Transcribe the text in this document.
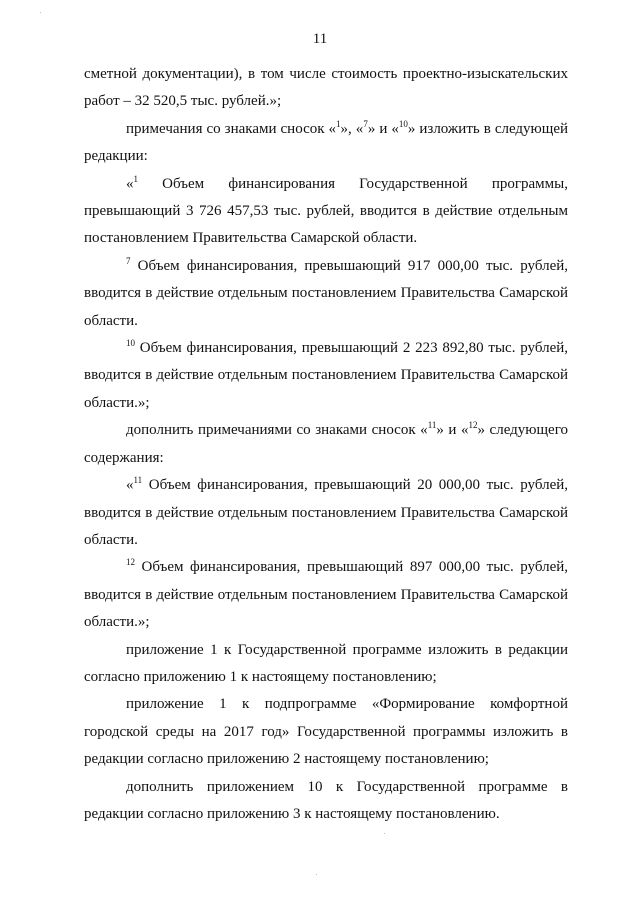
11

сметной документации), в том числе стоимость проектно-изыскательских работ – 32 520,5 тыс. рублей.»;

примечания со знаками сносок «$^1$», «$^7$» и «$^{10}$» изложить в следующей редакции:

«$^1$ Объем финансирования Государственной программы, превышающий 3 726 457,53 тыс. рублей, вводится в действие отдельным постановлением Правительства Самарской области.

$^7$ Объем финансирования, превышающий 917 000,00 тыс. рублей, вводится в действие отдельным постановлением Правительства Самарской области.

$^{10}$ Объем финансирования, превышающий 2 223 892,80 тыс. рублей, вводится в действие отдельным постановлением Правительства Самарской области.»;

дополнить примечаниями со знаками сносок «$^{11}$» и «$^{12}$» следующего содержания:

«$^{11}$ Объем финансирования, превышающий 20 000,00 тыс. рублей, вводится в действие отдельным постановлением Правительства Самарской области.

$^{12}$ Объем финансирования, превышающий 897 000,00 тыс. рублей, вводится в действие отдельным постановлением Правительства Самарской области.»;

приложение 1 к Государственной программе изложить в редакции согласно приложению 1 к настоящему постановлению;

приложение 1 к подпрограмме «Формирование комфортной городской среды на 2017 год» Государственной программы изложить в редакции согласно приложению 2 настоящему постановлению;

дополнить приложением 10 к Государственной программе в редакции согласно приложению 3 к настоящему постановлению.
